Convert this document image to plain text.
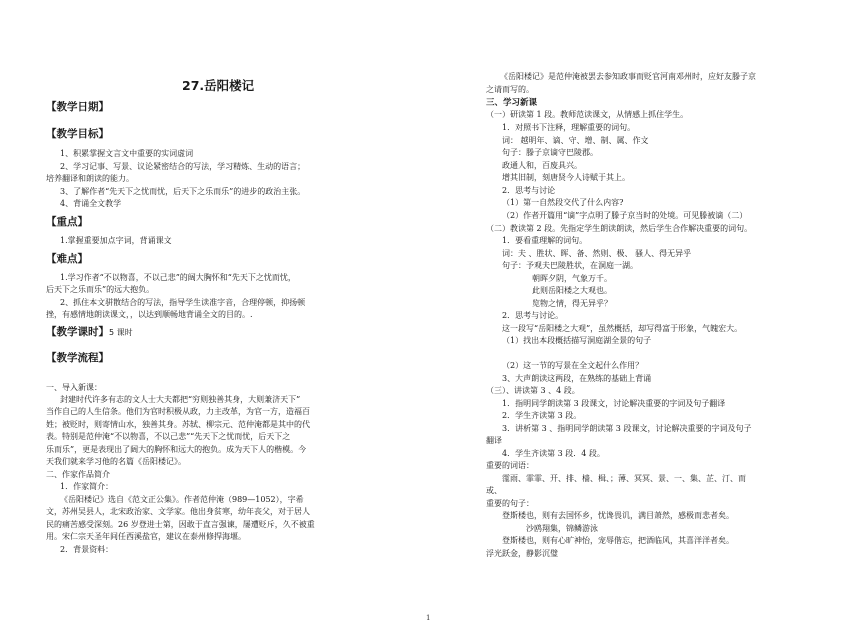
27.岳阳楼记
【教学日期】
【教学目标】
1、积累掌握文言文中重要的实词虚词
2、学习记事、写景、议论紧密结合的写法，学习精炼、生动的语言；
培养翻译和朗读的能力。
3、了解作者“先天下之忧而忧，后天下之乐而乐”的进步的政治主张。
4、背诵全文教学
【重点】
1.掌握重要加点字词，背诵课文
【难点】
1.学习作者“不以物喜，不以己悲”的阔大胸怀和“先天下之忧而忧，
后天下之乐而乐”的远大抱负。
2、抓住本文骈散结合的写法，指导学生读准字音，合理停顿，抑扬顿
挫，有感情地朗读课文，，以达到顺畅地背诵全文的目的。.
【教学课时】5 课时
【教学流程】
一、导入新课：
封建时代许多有志的文人士大夫都把“穷则独善其身，大则兼济天下”
当作自己的人生信条。他们为官时积极从政，力主改革，为官一方，造福百
姓；被贬时，则寄情山水，独善其身。苏轼、柳宗元、范仲淹都是其中的代
表。特别是范仲淹“不以物喜，不以己悲”“先天下之忧而忧，后天下之
乐而乐”，更是表现出了阔大的胸怀和远大的抱负。成为天下人的楷模。今
天我们就来学习他的名篇《岳阳楼记》。
二、作家作品简介
1．作家简介：
《岳阳楼记》选自《范文正公集》。作者范仲淹（989—1052），字希
文，苏州吴县人，北宋政治家、文学家。他出身贫寒，幼年丧父，对于居人
民的痛苦感受深刻。26 岁登进士第，因敢于直言强谏，屡遭贬斥，久不被重
用。宋仁宗天圣年间任西溪盐官，建议在泰州修捍海堰。
2．背景资料：
《岳阳楼记》是范仲淹被罢去参知政事而贬官河南邓州时，应好友滕子京
之请而写的。
三、学习新课
（一）研读第 1 段。教师范读课文，从情感上抓住学生。
1．对照书下注释，理解重要的词句。
词： 越明年、谪、守、增、制、属、作文
句子：滕子京谪守巴陵郡。
政通人和，百废具兴。
增其旧制，刻唐贤今人诗赋于其上。
2．思考与讨论
（1）第一自然段交代了什么内容?
（2）作者开篇用“谪”字点明了滕子京当时的处境。可见滕被谪（二）
（二）教读第 2 段。先指定学生朗读朗读，然后学生合作解决重要的词句。
1．要看重理解的词句。
词：夫 、胜状、晖、备、然则、极、 骚人、得无异乎
句子：予观夫巴陵胜状，在洞庭一湖。
朝晖夕阴，气象万千。
此则岳阳楼之大观也。
览物之情，得无异乎？
2．思考与讨论。
这一段写“岳阳楼之大观”，虽然概括，却写得富于形象，气魄宏大。
（1）找出本段概括描写洞庭湖全景的句子
（2）这一节的写景在全文起什么作用？
3、大声朗读这两段，在熟练的基础上背诵
（三）、讲读第 3 、4 段。
1．指明同学朗读第 3 段课文，讨论解决重要的字词及句子翻译
2．学生齐读第 3 段。
3．讲析第 3 、指明同学朗读第 3 段课文，讨论解决重要的字词及句子
翻译
4．学生齐读第 3 段．4 段。
重要的词语：
霪雨、霏霏、开、排、樯、楫、；薄、冥冥、景、一、集、芷、汀、而
或、
重要的句子：
登斯楼也，则有去国怀乡，忧谗畏讥，满目萧然，感极而悲者矣。
沙鸥翔集，锦鳞游泳
登斯楼也，则有心旷神怡，宠辱偕忘，把酒临风，其喜洋洋者矣。
浮光跃金，静影沉璧
1
